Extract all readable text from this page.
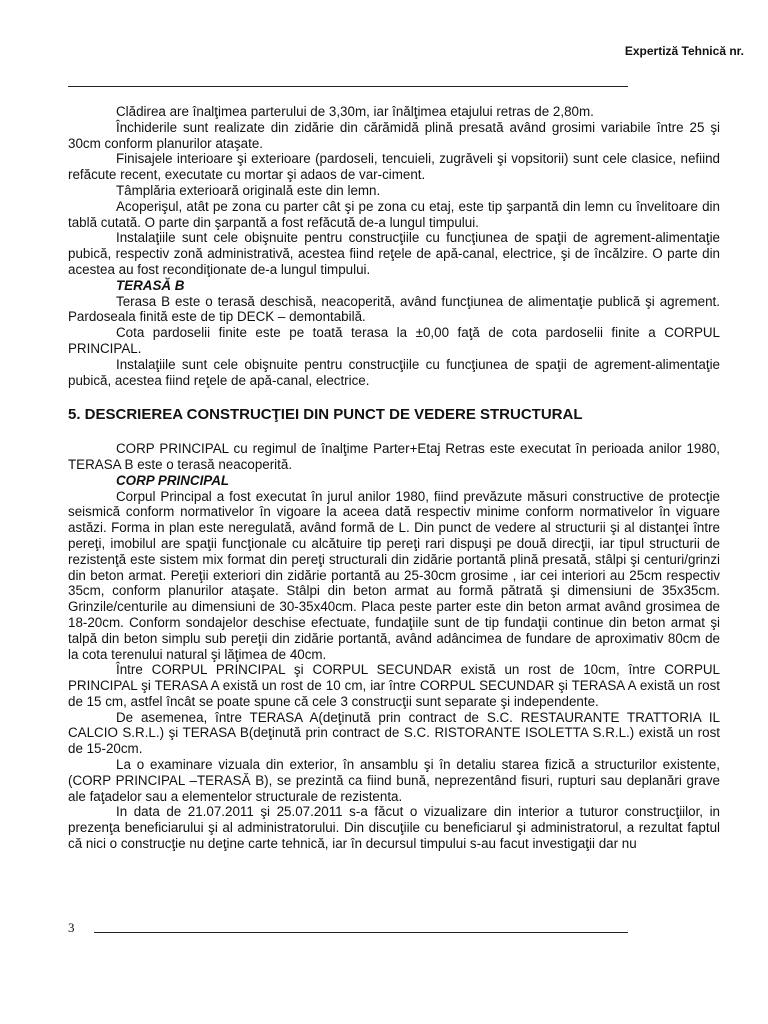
Expertiză Tehnică nr.

Clădirea are înalţimea parterului de 3,30m, iar înălţimea etajului retras de 2,80m.

Închiderile sunt realizate din zidărie din cărămidă plină presată având grosimi variabile între 25 şi 30cm conform planurilor ataşate.

Finisajele interioare şi exterioare (pardoseli, tencuieli, zugrăveli şi vopsitorii) sunt cele clasice, nefiind refăcute recent, executate cu mortar şi adaos de var-ciment.

Tâmplăria exterioară originală este din lemn.

Acoperişul, atât pe zona cu parter cât şi pe zona cu etaj, este tip şarpantă din lemn cu învelitoare din tablă cutată. O parte din şarpantă a fost refăcută de-a lungul timpului.

Instalaţiile sunt cele obişnuite pentru construcţiile cu funcţiunea de spaţii de agrement-alimentaţie pubică, respectiv zonă administrativă, acestea fiind reţele de apă-canal, electrice, şi de încălzire. O parte din acestea au fost recondiţionate de-a lungul timpului.

TERASĂ B

Terasa B este o terasă deschisă, neacoperită, având funcţiunea de alimentaţie publică şi agrement. Pardoseala finită este de tip DECK – demontabilă.

Cota pardoselii finite este pe toată terasa la ±0,00 faţă de cota pardoselii finite a CORPUL PRINCIPAL.

Instalaţiile sunt cele obişnuite pentru construcţiile cu funcţiunea de spaţii de agrement-alimentaţie pubică, acestea fiind reţele de apă-canal, electrice.

5. DESCRIEREA CONSTRUCŢIEI DIN PUNCT DE VEDERE STRUCTURAL

CORP PRINCIPAL cu regimul de înalţime Parter+Etaj Retras este executat în perioada anilor 1980, TERASA B este o terasă neacoperită.

CORP PRINCIPAL

Corpul Principal a fost executat în jurul anilor 1980, fiind prevăzute măsuri constructive de protecţie seismică conform normativelor în vigoare la aceea dată respectiv minime conform normativelor în viguare astăzi. Forma in plan este neregulată, având formă de L. Din punct de vedere al structurii şi al distanţei între pereţi, imobilul are spaţii funcţionale cu alcătuire tip pereţi rari dispuşi pe două direcţii, iar tipul structurii de rezistenţă este sistem mix format din pereţi structurali din zidărie portantă plină presată, stâlpi şi centuri/grinzi din beton armat. Pereţii exteriori din zidărie portantă au 25-30cm grosime , iar cei interiori au 25cm respectiv 35cm, conform planurilor ataşate. Stâlpi din beton armat au formă pătrată şi dimensiuni de 35x35cm. Grinzile/centurile au dimensiuni de 30-35x40cm. Placa peste parter este din beton armat având grosimea de 18-20cm. Conform sondajelor deschise efectuate, fundaţiile sunt de tip fundaţii continue din beton armat şi talpă din beton simplu sub pereţii din zidărie portantă, având adâncimea de fundare de aproximativ 80cm de la cota terenului natural şi lăţimea de 40cm.

Între CORPUL PRINCIPAL şi CORPUL SECUNDAR există un rost de 10cm, între CORPUL PRINCIPAL şi TERASA A există un rost de 10 cm, iar între CORPUL SECUNDAR şi TERASA A există un rost de 15 cm, astfel încât se poate spune că cele 3 construcţii sunt separate şi independente.

De asemenea, între TERASA A(deţinută prin contract de S.C. RESTAURANTE TRATTORIA IL CALCIO S.R.L.) şi TERASA B(deţinută prin contract de S.C. RISTORANTE ISOLETTA S.R.L.) există un rost de 15-20cm.

La o examinare vizuala din exterior, în ansamblu şi în detaliu starea fizică a structurilor existente, (CORP PRINCIPAL –TERASĂ B), se prezintă ca fiind bună, neprezentând fisuri, rupturi sau deplanări grave ale faţadelor sau a elementelor structurale de rezistenta.

In data de 21.07.2011 şi 25.07.2011 s-a făcut o vizualizare din interior a tuturor construcţiilor, in prezenţa beneficiarului şi al administratorului. Din discuţiile cu beneficiarul şi administratorul, a rezultat faptul că nici o construcţie nu deţine carte tehnică, iar în decursul timpului s-au facut investigaţii dar nu

3
